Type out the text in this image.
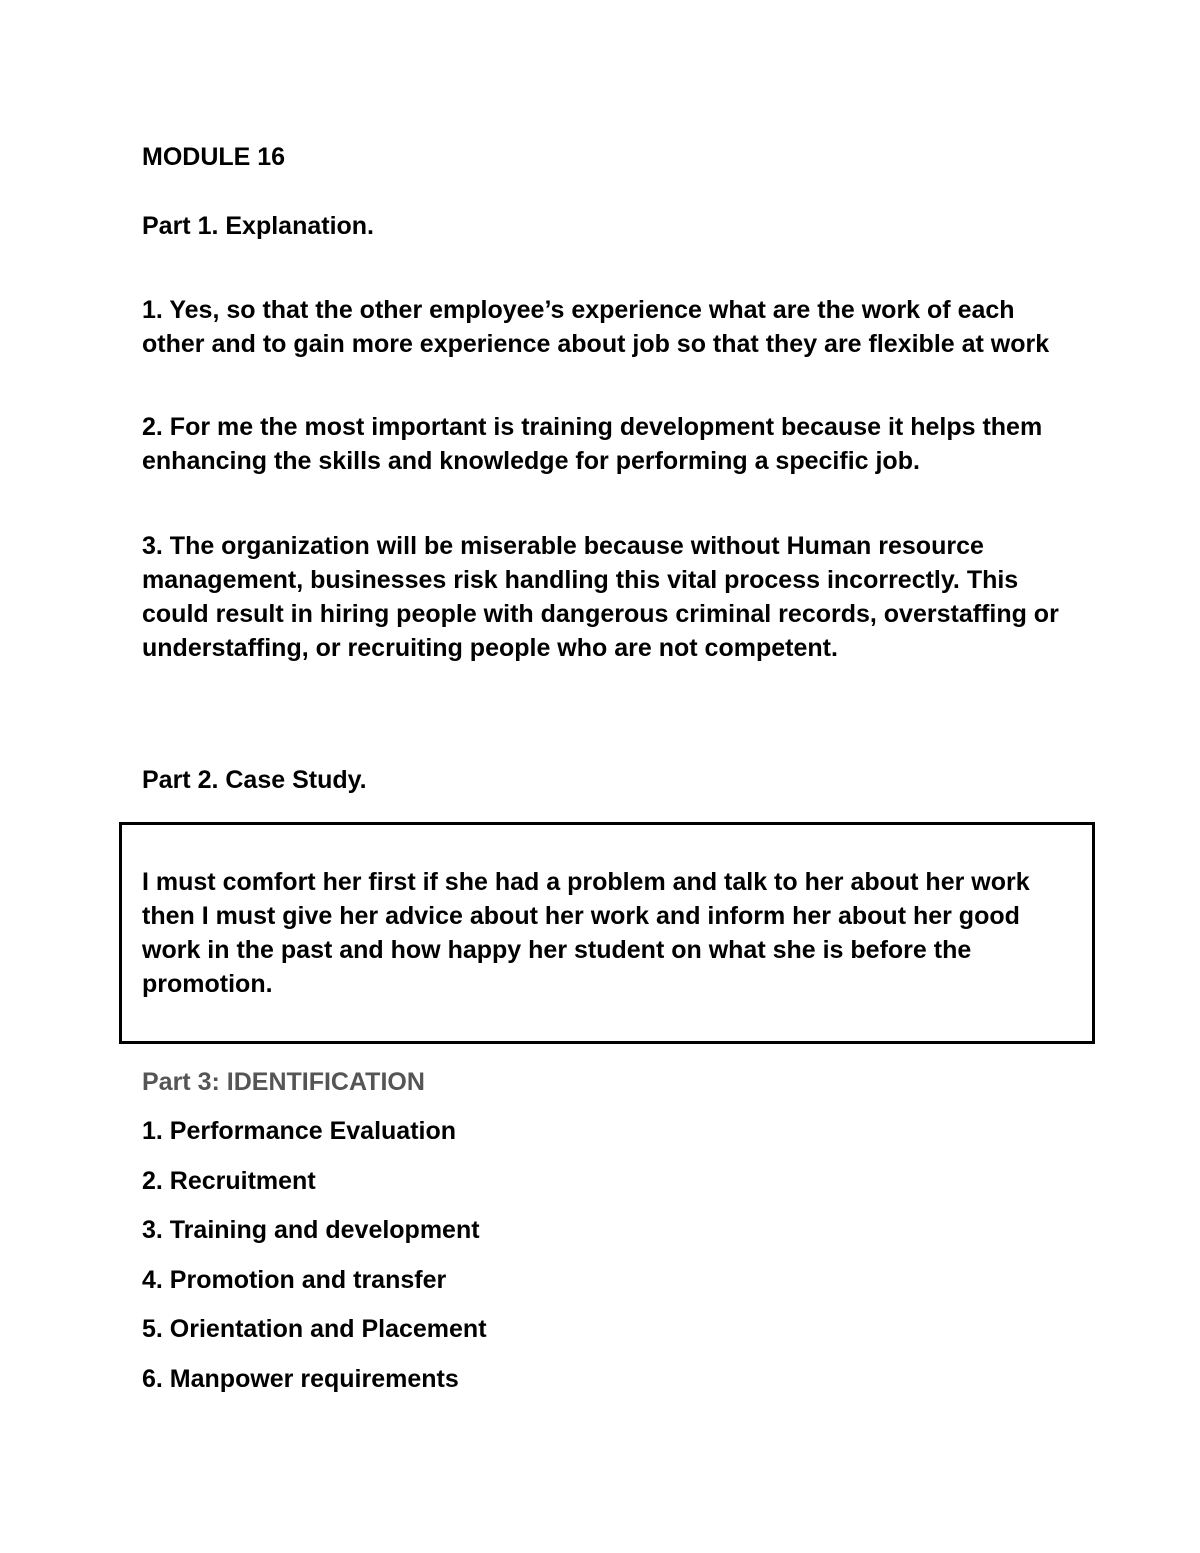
MODULE 16

Part 1. Explanation.

1. Yes, so that the other employee’s experience what are the work of each other and to gain more experience about job so that they are flexible at work

2. For me the most important is training development because it helps them enhancing the skills and knowledge for performing a specific job.

3. The organization will be miserable because without Human resource management, businesses risk handling this vital process incorrectly. This could result in hiring people with dangerous criminal records, overstaffing or understaffing, or recruiting people who are not competent.

Part 2. Case Study.

I must comfort her first if she had a problem and talk to her about her work then I must give her advice about her work and inform her about her good work in the past and how happy her student on what she is before the promotion.

Part 3: IDENTIFICATION

1. Performance Evaluation

2. Recruitment

3. Training and development

4. Promotion and transfer

5. Orientation and Placement

6. Manpower requirements
